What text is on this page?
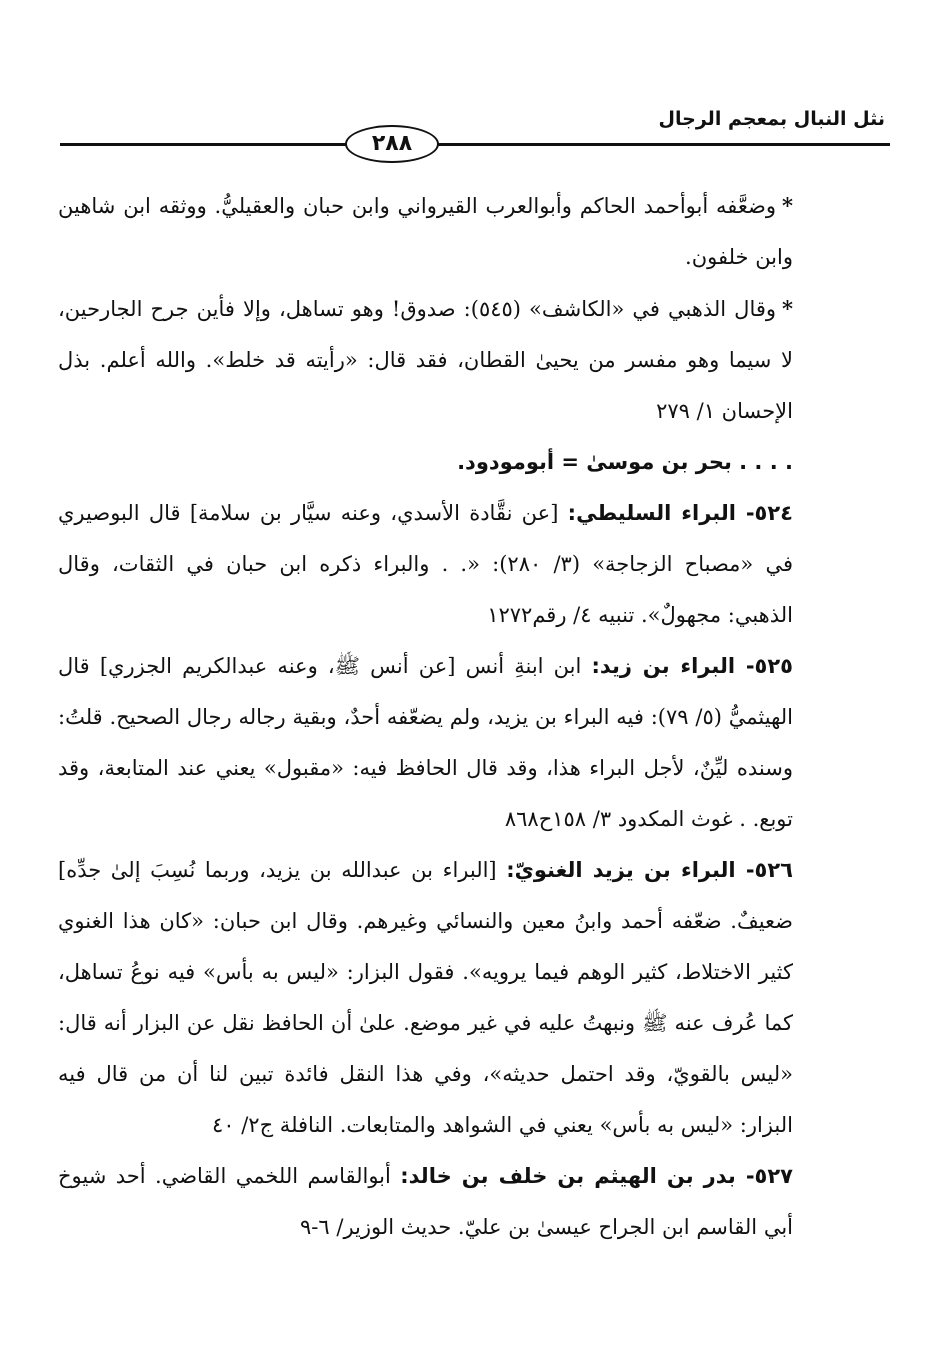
نثل النبال بمعجم الرجال
٢٨٨

*وضعَّفه أبوأحمد الحاكم وأبوالعرب القيرواني وابن حبان والعقيليُّ. ووثقه ابن شاهين وابن خلفون.

*وقال الذهبي في «الكاشف» (٥٤٥): صدوق! وهو تساهل، وإلا فأين جرح الجارحين، لا سيما وهو مفسر من يحيىٰ القطان، فقد قال: «رأيته قد خلط». والله أعلم. بذل الإحسان ١/ ٢٧٩

. . . . بحر بن موسىٰ = أبومودود.

٥٢٤- البراء السليطي: [عن نقَّادة الأسدي، وعنه سيَّار بن سلامة] قال البوصيري في «مصباح الزجاجة» (٣/ ٢٨٠): «. . والبراء ذكره ابن حبان في الثقات، وقال الذهبي: مجهولٌ». تنبيه ٤/ رقم١٢٧٢

٥٢٥- البراء بن زيد: ابن ابنةِ أنس [عن أنس ﷺ، وعنه عبدالكريم الجزري] قال الهيثميُّ (٥/ ٧٩): فيه البراء بن يزيد، ولم يضعّفه أحدٌ، وبقية رجاله رجال الصحيح. قلتُ: وسنده ليِّنٌ، لأجل البراء هذا، وقد قال الحافظ فيه: «مقبول» يعني عند المتابعة، وقد توبع. . غوث المكدود ٣/ ١٥٨ح٨٦٨

٥٢٦- البراء بن يزيد الغنويّ: [البراء بن عبدالله بن يزيد، وربما نُسِبَ إلىٰ جدِّه] ضعيفٌ. ضعّفه أحمد وابنُ معين والنسائي وغيرهم. وقال ابن حبان: «كان هذا الغنوي كثير الاختلاط، كثير الوهم فيما يرويه». فقول البزار: «ليس به بأس» فيه نوعُ تساهل، كما عُرف عنه ﷺ ونبهتُ عليه في غير موضع. علىٰ أن الحافظ نقل عن البزار أنه قال: «ليس بالقويّ، وقد احتمل حديثه»، وفي هذا النقل فائدة تبين لنا أن من قال فيه البزار: «ليس به بأس» يعني في الشواهد والمتابعات. النافلة ج٢/ ٤٠

٥٢٧- بدر بن الهيثم بن خلف بن خالد: أبوالقاسم اللخمي القاضي. أحد شيوخ أبي القاسم ابن الجراح عيسىٰ بن عليّ. حديث الوزير/ ٦-٩
